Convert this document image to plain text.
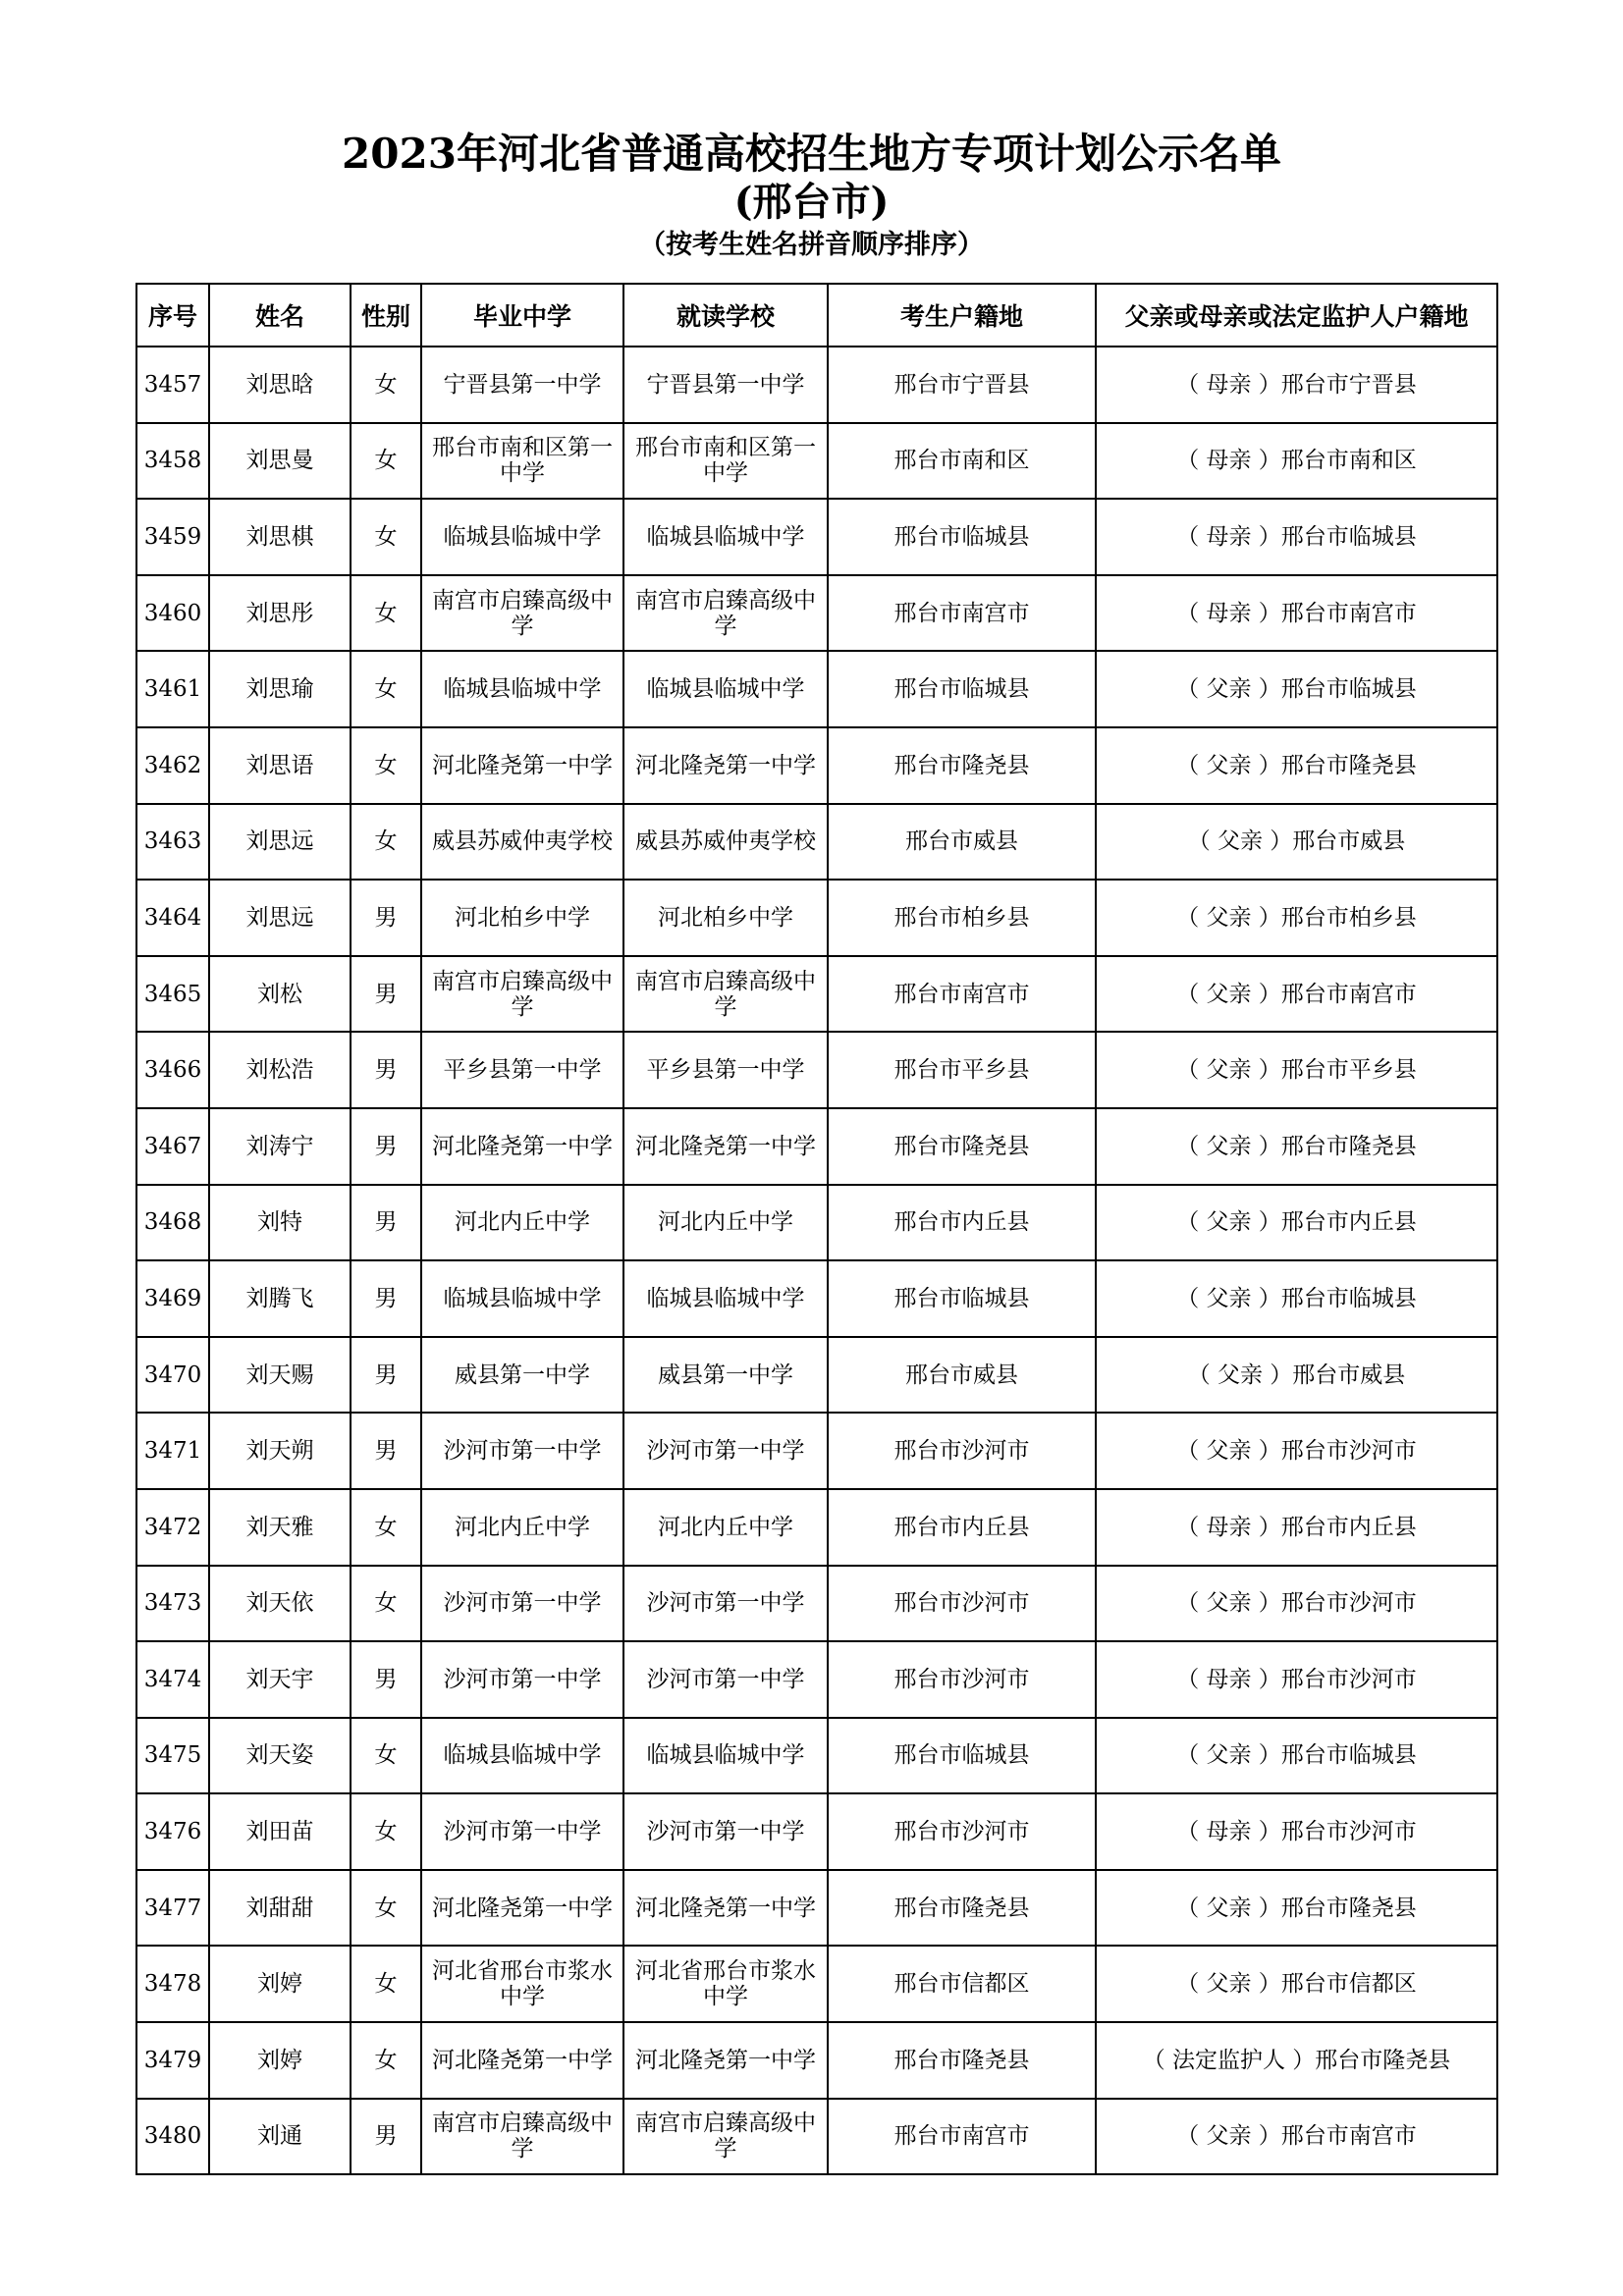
2023年河北省普通高校招生地方专项计划公示名单
(邢台市)
（按考生姓名拼音顺序排序）
序号	姓名	性别	毕业中学	就读学校	考生户籍地	父亲或母亲或法定监护人户籍地
3457	刘思晗	女	宁晋县第一中学	宁晋县第一中学	邢台市宁晋县	（ 母亲 ）邢台市宁晋县
3458	刘思曼	女	邢台市南和区第一中学	邢台市南和区第一中学	邢台市南和区	（ 母亲 ）邢台市南和区
3459	刘思棋	女	临城县临城中学	临城县临城中学	邢台市临城县	（ 母亲 ）邢台市临城县
3460	刘思彤	女	南宫市启臻高级中学	南宫市启臻高级中学	邢台市南宫市	（ 母亲 ）邢台市南宫市
3461	刘思瑜	女	临城县临城中学	临城县临城中学	邢台市临城县	（ 父亲 ）邢台市临城县
3462	刘思语	女	河北隆尧第一中学	河北隆尧第一中学	邢台市隆尧县	（ 父亲 ）邢台市隆尧县
3463	刘思远	女	威县苏威仲夷学校	威县苏威仲夷学校	邢台市威县	（ 父亲 ）邢台市威县
3464	刘思远	男	河北柏乡中学	河北柏乡中学	邢台市柏乡县	（ 父亲 ）邢台市柏乡县
3465	刘松	男	南宫市启臻高级中学	南宫市启臻高级中学	邢台市南宫市	（ 父亲 ）邢台市南宫市
3466	刘松浩	男	平乡县第一中学	平乡县第一中学	邢台市平乡县	（ 父亲 ）邢台市平乡县
3467	刘涛宁	男	河北隆尧第一中学	河北隆尧第一中学	邢台市隆尧县	（ 父亲 ）邢台市隆尧县
3468	刘特	男	河北内丘中学	河北内丘中学	邢台市内丘县	（ 父亲 ）邢台市内丘县
3469	刘腾飞	男	临城县临城中学	临城县临城中学	邢台市临城县	（ 父亲 ）邢台市临城县
3470	刘天赐	男	威县第一中学	威县第一中学	邢台市威县	（ 父亲 ）邢台市威县
3471	刘天朔	男	沙河市第一中学	沙河市第一中学	邢台市沙河市	（ 父亲 ）邢台市沙河市
3472	刘天雅	女	河北内丘中学	河北内丘中学	邢台市内丘县	（ 母亲 ）邢台市内丘县
3473	刘天依	女	沙河市第一中学	沙河市第一中学	邢台市沙河市	（ 父亲 ）邢台市沙河市
3474	刘天宇	男	沙河市第一中学	沙河市第一中学	邢台市沙河市	（ 母亲 ）邢台市沙河市
3475	刘天姿	女	临城县临城中学	临城县临城中学	邢台市临城县	（ 父亲 ）邢台市临城县
3476	刘田苗	女	沙河市第一中学	沙河市第一中学	邢台市沙河市	（ 母亲 ）邢台市沙河市
3477	刘甜甜	女	河北隆尧第一中学	河北隆尧第一中学	邢台市隆尧县	（ 父亲 ）邢台市隆尧县
3478	刘婷	女	河北省邢台市浆水中学	河北省邢台市浆水中学	邢台市信都区	（ 父亲 ）邢台市信都区
3479	刘婷	女	河北隆尧第一中学	河北隆尧第一中学	邢台市隆尧县	（ 法定监护人 ）邢台市隆尧县
3480	刘通	男	南宫市启臻高级中学	南宫市启臻高级中学	邢台市南宫市	（ 父亲 ）邢台市南宫市
